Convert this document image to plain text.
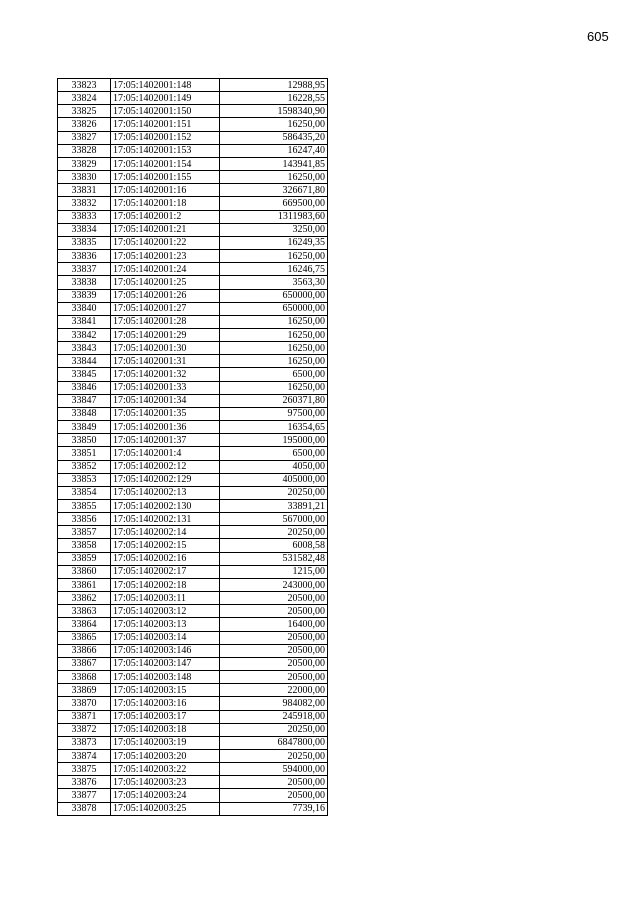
605
33823	17:05:1402001:148	12988,95
33824	17:05:1402001:149	16228,55
33825	17:05:1402001:150	1598340,90
33826	17:05:1402001:151	16250,00
33827	17:05:1402001:152	586435,20
33828	17:05:1402001:153	16247,40
33829	17:05:1402001:154	143941,85
33830	17:05:1402001:155	16250,00
33831	17:05:1402001:16	326671,80
33832	17:05:1402001:18	669500,00
33833	17:05:1402001:2	1311983,60
33834	17:05:1402001:21	3250,00
33835	17:05:1402001:22	16249,35
33836	17:05:1402001:23	16250,00
33837	17:05:1402001:24	16246,75
33838	17:05:1402001:25	3563,30
33839	17:05:1402001:26	650000,00
33840	17:05:1402001:27	650000,00
33841	17:05:1402001:28	16250,00
33842	17:05:1402001:29	16250,00
33843	17:05:1402001:30	16250,00
33844	17:05:1402001:31	16250,00
33845	17:05:1402001:32	6500,00
33846	17:05:1402001:33	16250,00
33847	17:05:1402001:34	260371,80
33848	17:05:1402001:35	97500,00
33849	17:05:1402001:36	16354,65
33850	17:05:1402001:37	195000,00
33851	17:05:1402001:4	6500,00
33852	17:05:1402002:12	4050,00
33853	17:05:1402002:129	405000,00
33854	17:05:1402002:13	20250,00
33855	17:05:1402002:130	33891,21
33856	17:05:1402002:131	567000,00
33857	17:05:1402002:14	20250,00
33858	17:05:1402002:15	6008,58
33859	17:05:1402002:16	531582,48
33860	17:05:1402002:17	1215,00
33861	17:05:1402002:18	243000,00
33862	17:05:1402003:11	20500,00
33863	17:05:1402003:12	20500,00
33864	17:05:1402003:13	16400,00
33865	17:05:1402003:14	20500,00
33866	17:05:1402003:146	20500,00
33867	17:05:1402003:147	20500,00
33868	17:05:1402003:148	20500,00
33869	17:05:1402003:15	22000,00
33870	17:05:1402003:16	984082,00
33871	17:05:1402003:17	245918,00
33872	17:05:1402003:18	20250,00
33873	17:05:1402003:19	6847800,00
33874	17:05:1402003:20	20250,00
33875	17:05:1402003:22	594000,00
33876	17:05:1402003:23	20500,00
33877	17:05:1402003:24	20500,00
33878	17:05:1402003:25	7739,16
